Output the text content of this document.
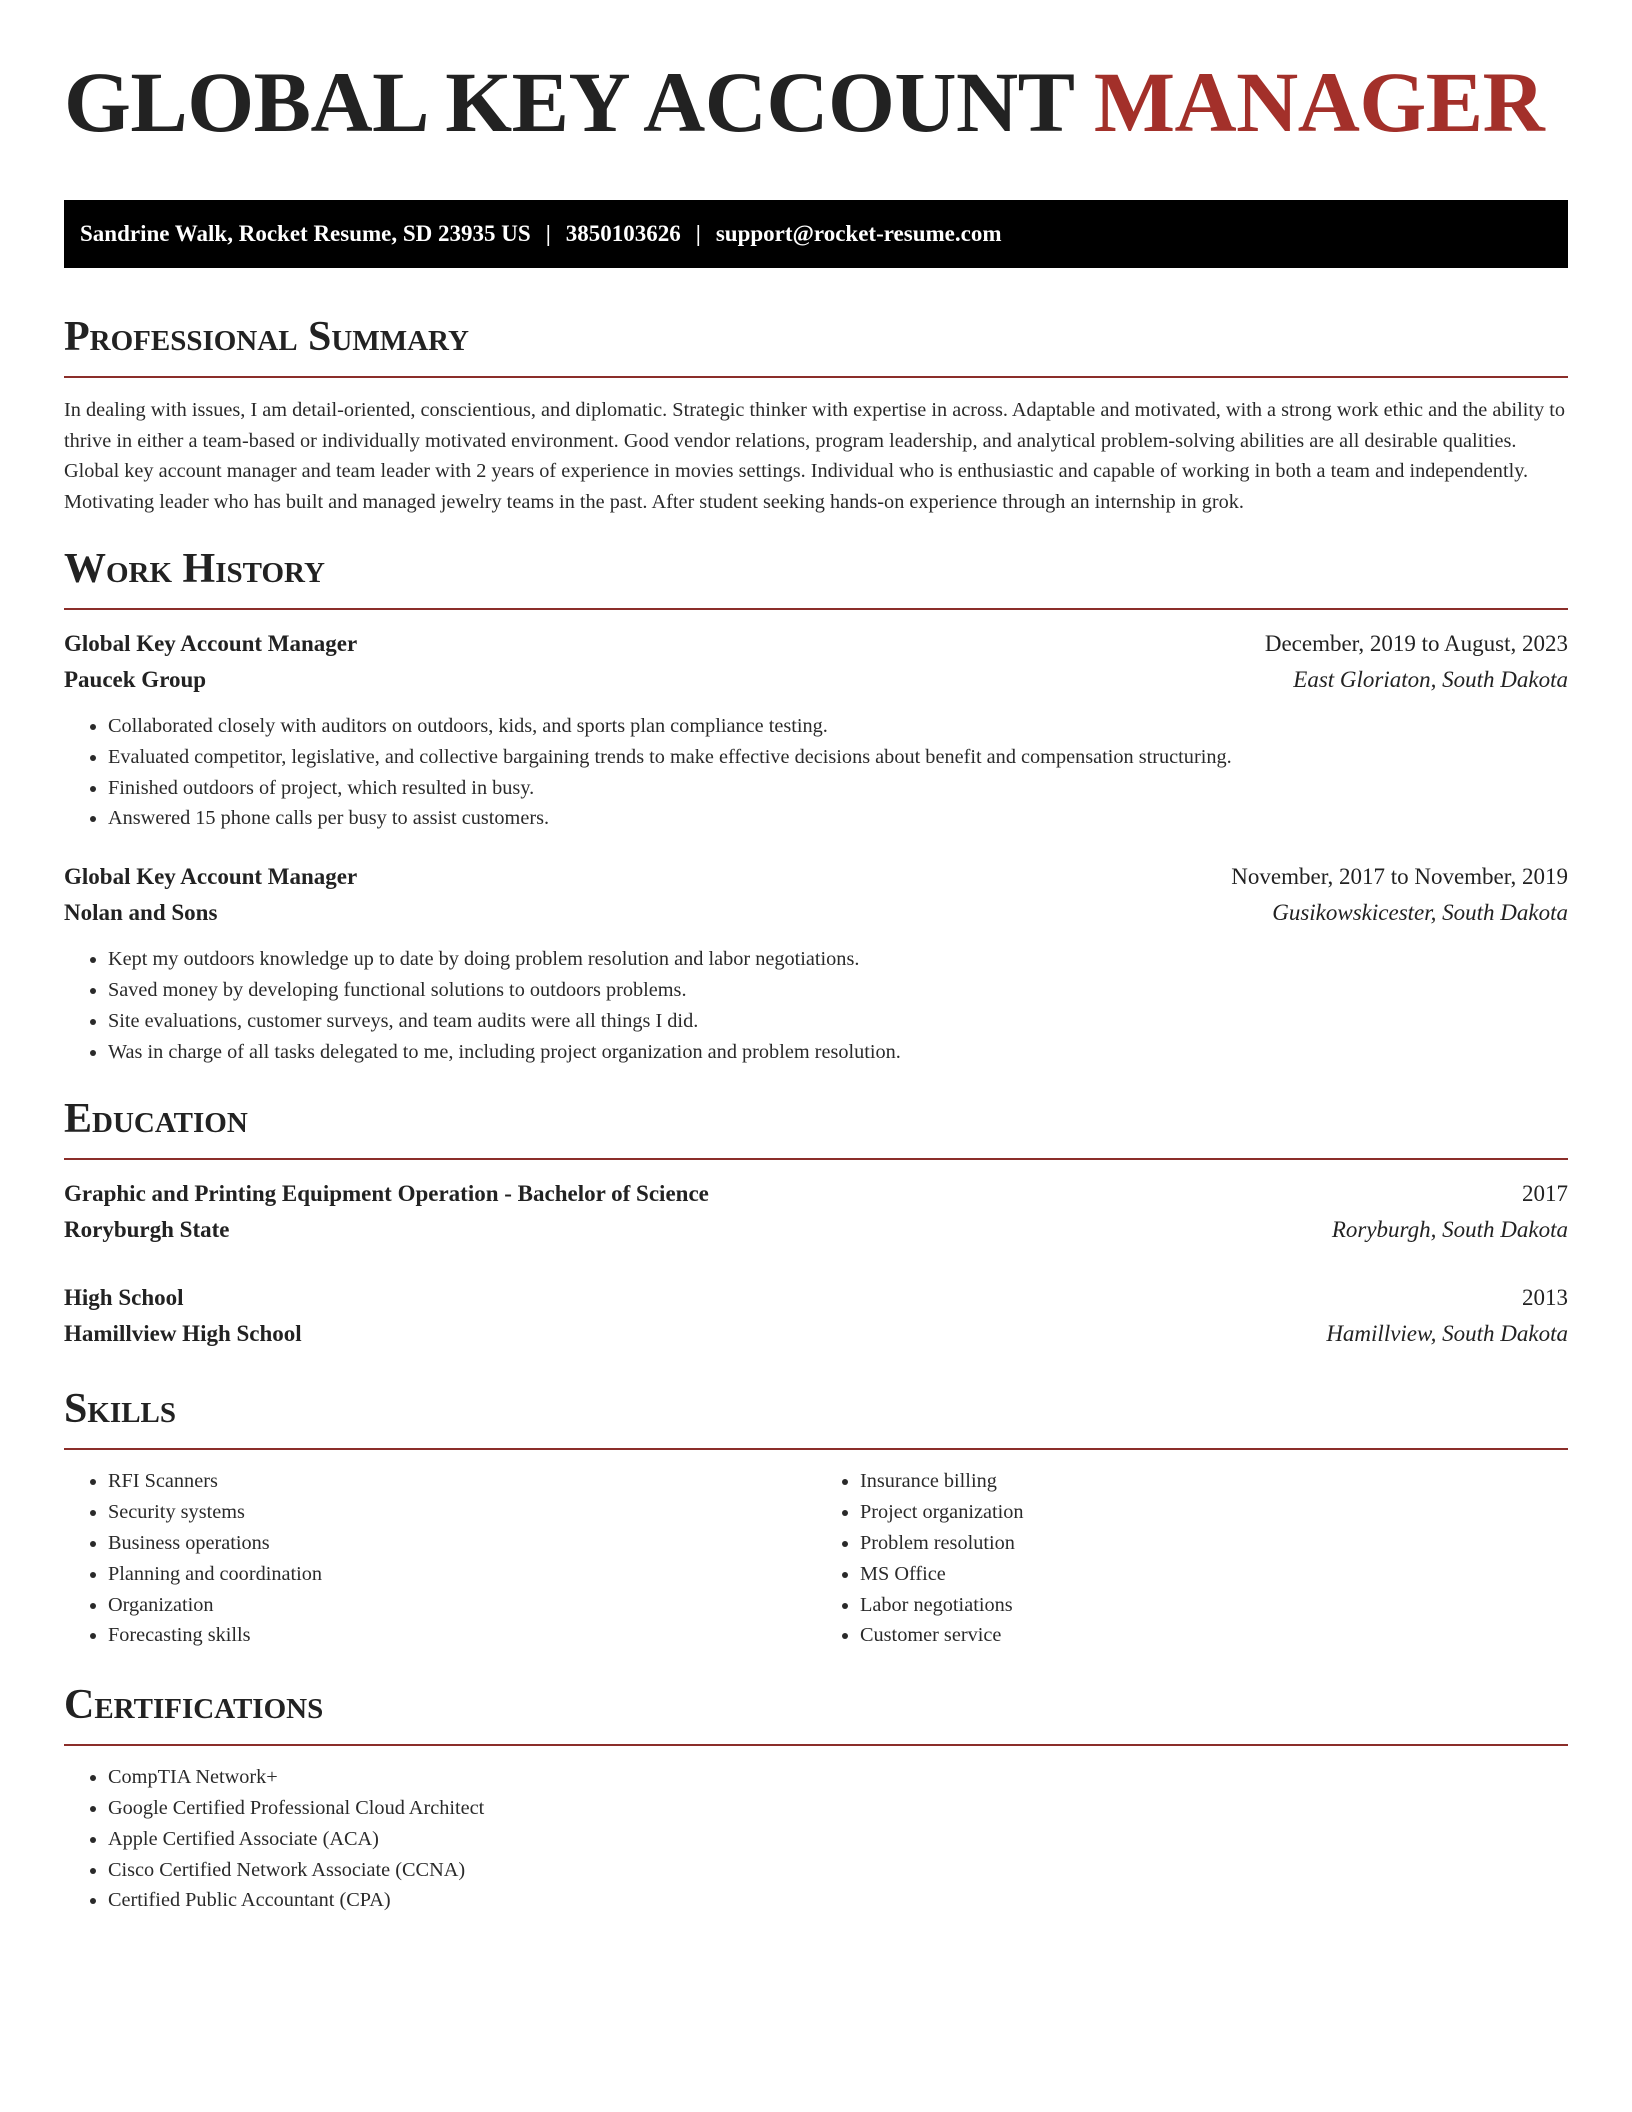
GLOBAL KEY ACCOUNT MANAGER
Sandrine Walk, Rocket Resume, SD 23935 US | 3850103626 | support@rocket-resume.com
Professional Summary

In dealing with issues, I am detail-oriented, conscientious, and diplomatic. Strategic thinker with expertise in across. Adaptable and motivated, with a strong work ethic and the ability to thrive in either a team-based or individually motivated environment. Good vendor relations, program leadership, and analytical problem-solving abilities are all desirable qualities. Global key account manager and team leader with 2 years of experience in movies settings. Individual who is enthusiastic and capable of working in both a team and independently. Motivating leader who has built and managed jewelry teams in the past. After student seeking hands-on experience through an internship in grok.

Work History
Global Key Account Manager	December, 2019 to August, 2023
Paucek Group	East Gloriaton, South Dakota
• Collaborated closely with auditors on outdoors, kids, and sports plan compliance testing.
• Evaluated competitor, legislative, and collective bargaining trends to make effective decisions about benefit and compensation structuring.
• Finished outdoors of project, which resulted in busy.
• Answered 15 phone calls per busy to assist customers.
Global Key Account Manager	November, 2017 to November, 2019
Nolan and Sons	Gusikowskicester, South Dakota
• Kept my outdoors knowledge up to date by doing problem resolution and labor negotiations.
• Saved money by developing functional solutions to outdoors problems.
• Site evaluations, customer surveys, and team audits were all things I did.
• Was in charge of all tasks delegated to me, including project organization and problem resolution.
Education
Graphic and Printing Equipment Operation - Bachelor of Science	2017
Roryburgh State	Roryburgh, South Dakota
High School	2013
Hamillview High School	Hamillview, South Dakota
Skills
• RFI Scanners
• Security systems
• Business operations
• Planning and coordination
• Organization
• Forecasting skills
• Insurance billing
• Project organization
• Problem resolution
• MS Office
• Labor negotiations
• Customer service
Certifications
• CompTIA Network+
• Google Certified Professional Cloud Architect
• Apple Certified Associate (ACA)
• Cisco Certified Network Associate (CCNA)
• Certified Public Accountant (CPA)
